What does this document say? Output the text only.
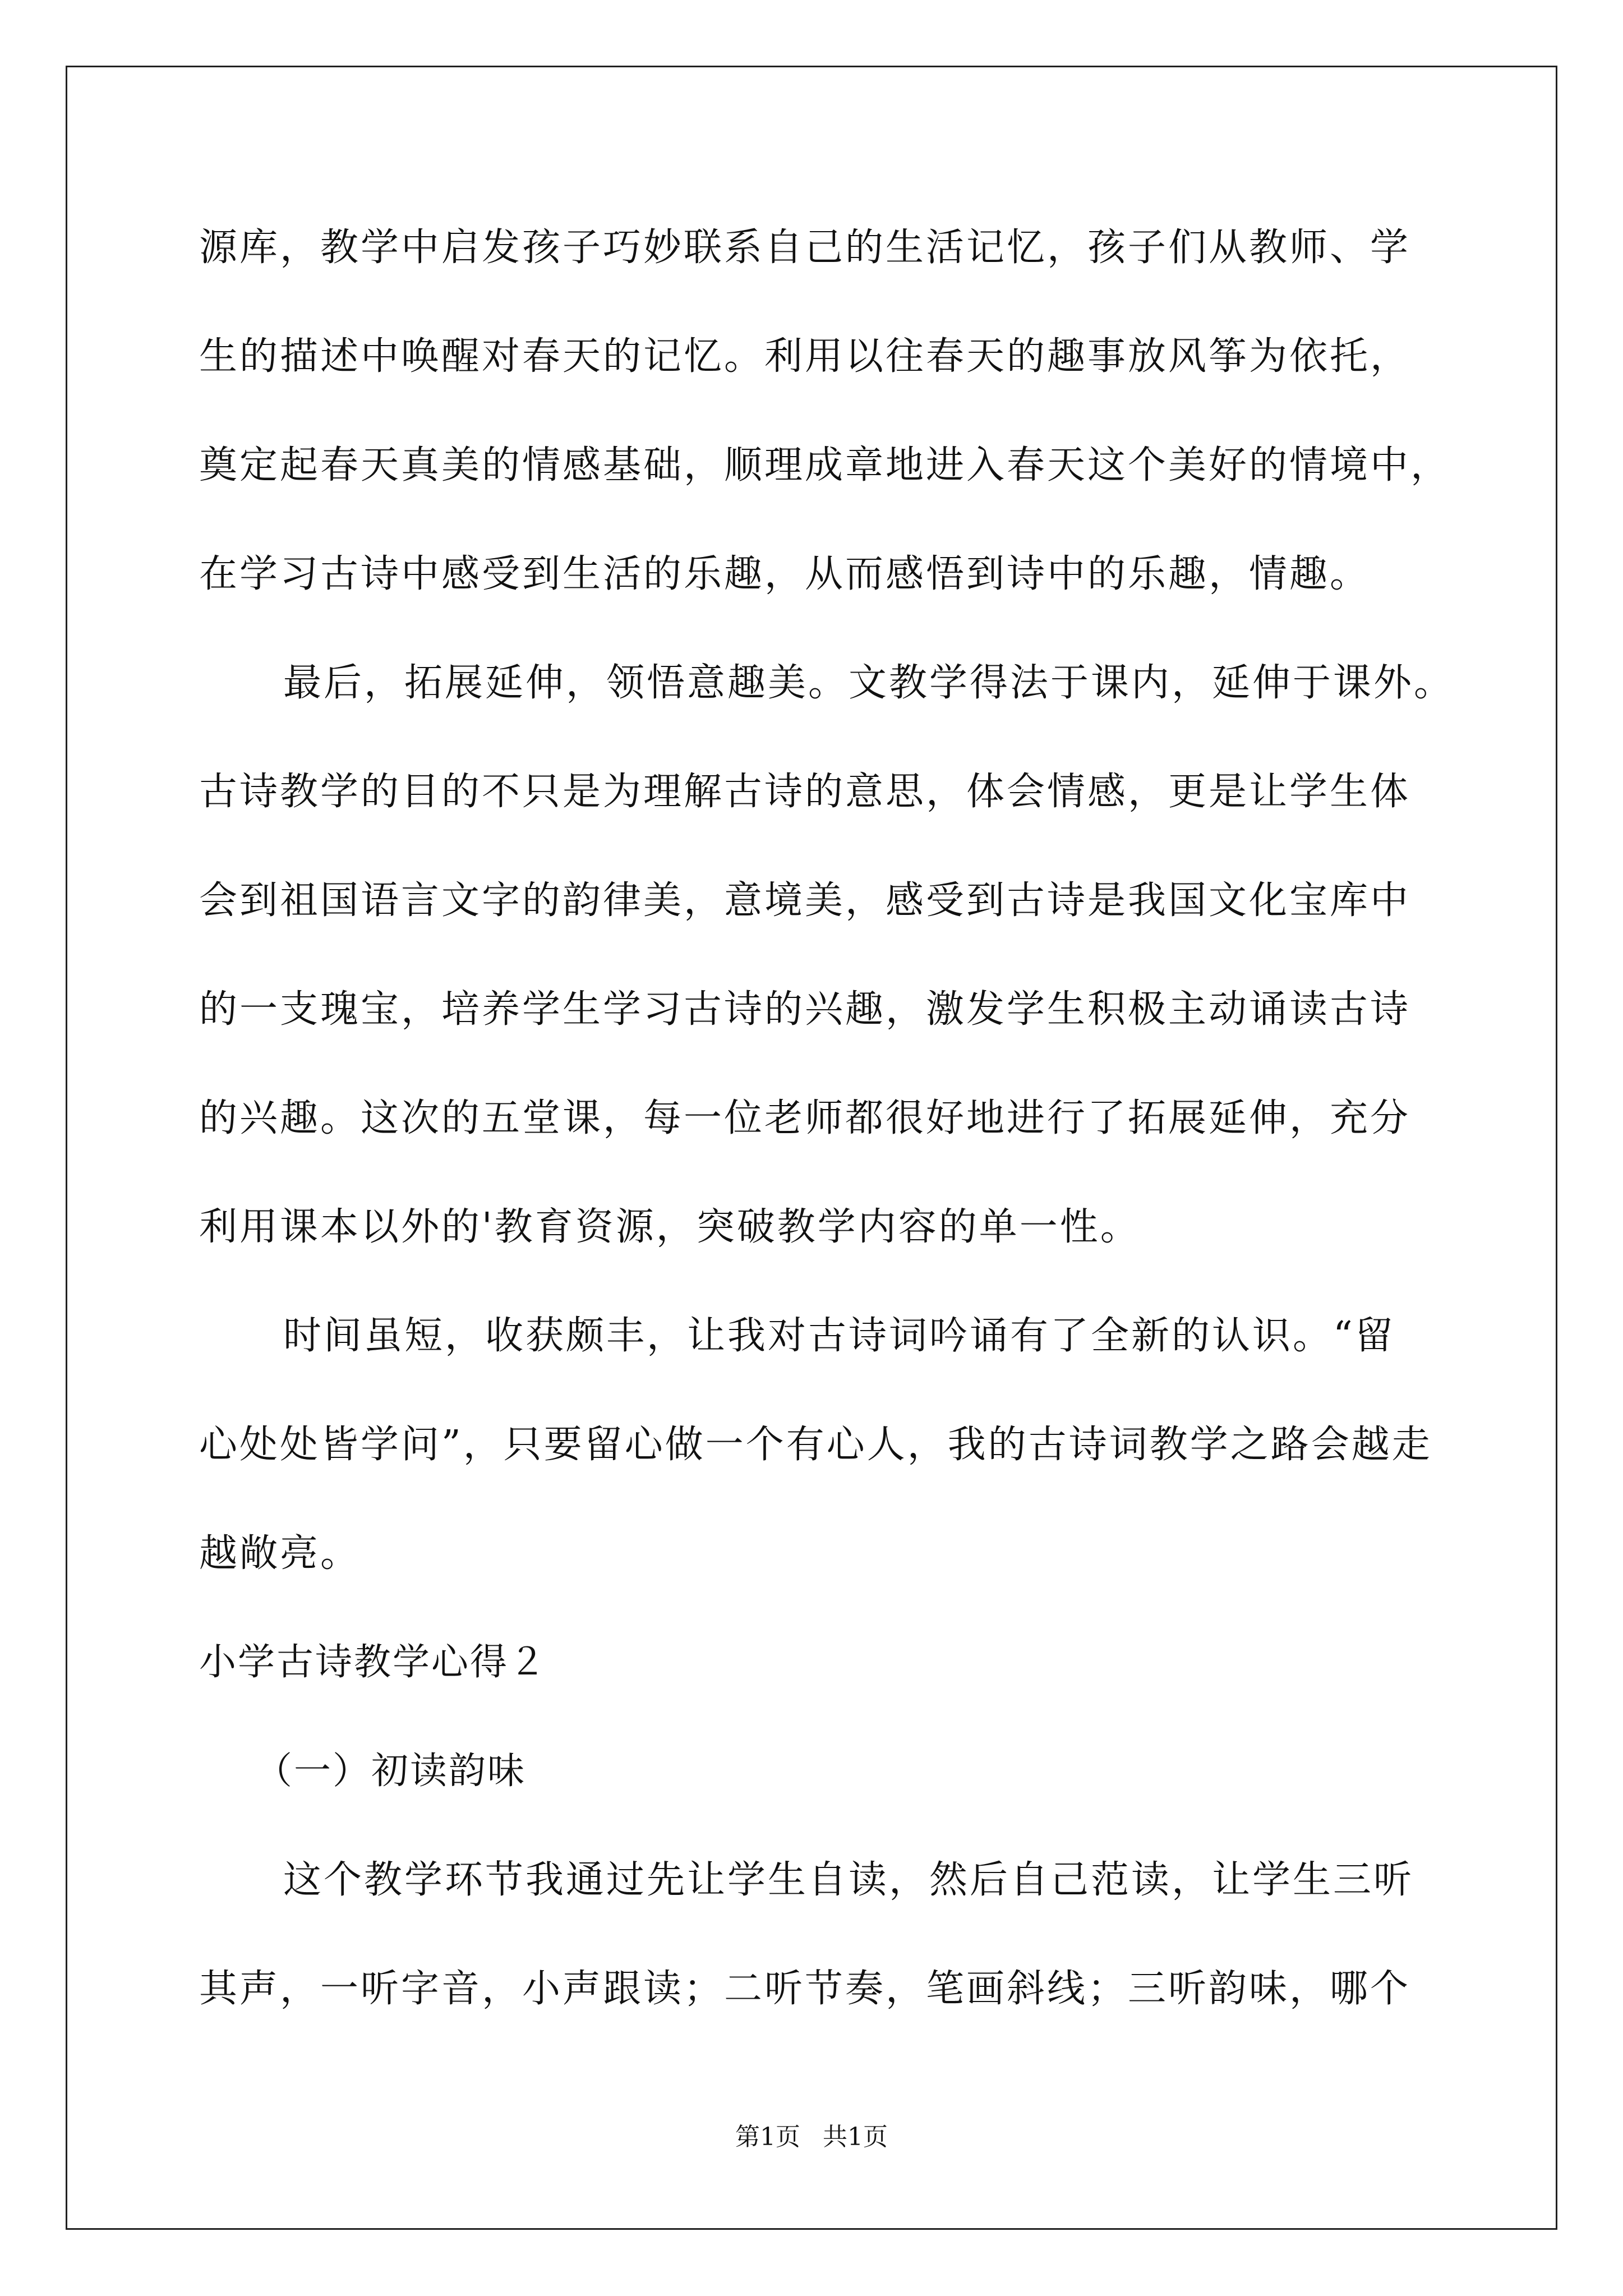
源库，教学中启发孩子巧妙联系自己的生活记忆，孩子们从教师、学
生的描述中唤醒对春天的记忆。利用以往春天的趣事放风筝为依托，
奠定起春天真美的情感基础，顺理成章地进入春天这个美好的情境中，
在学习古诗中感受到生活的乐趣，从而感悟到诗中的乐趣，情趣。
最后，拓展延伸，领悟意趣美。文教学得法于课内，延伸于课外。
古诗教学的目的不只是为理解古诗的意思，体会情感，更是让学生体
会到祖国语言文字的韵律美，意境美，感受到古诗是我国文化宝库中
的一支瑰宝，培养学生学习古诗的兴趣，激发学生积极主动诵读古诗
的兴趣。这次的五堂课，每一位老师都很好地进行了拓展延伸，充分
利用课本以外的'教育资源，突破教学内容的单一性。
时间虽短，收获颇丰，让我对古诗词吟诵有了全新的认识。“留
心处处皆学问”，只要留心做一个有心人，我的古诗词教学之路会越走
越敞亮。
小学古诗教学心得２
（一）初读韵味
这个教学环节我通过先让学生自读，然后自己范读，让学生三听
其声，一听字音，小声跟读；二听节奏，笔画斜线；三听韵味，哪个
第1页 共1页
